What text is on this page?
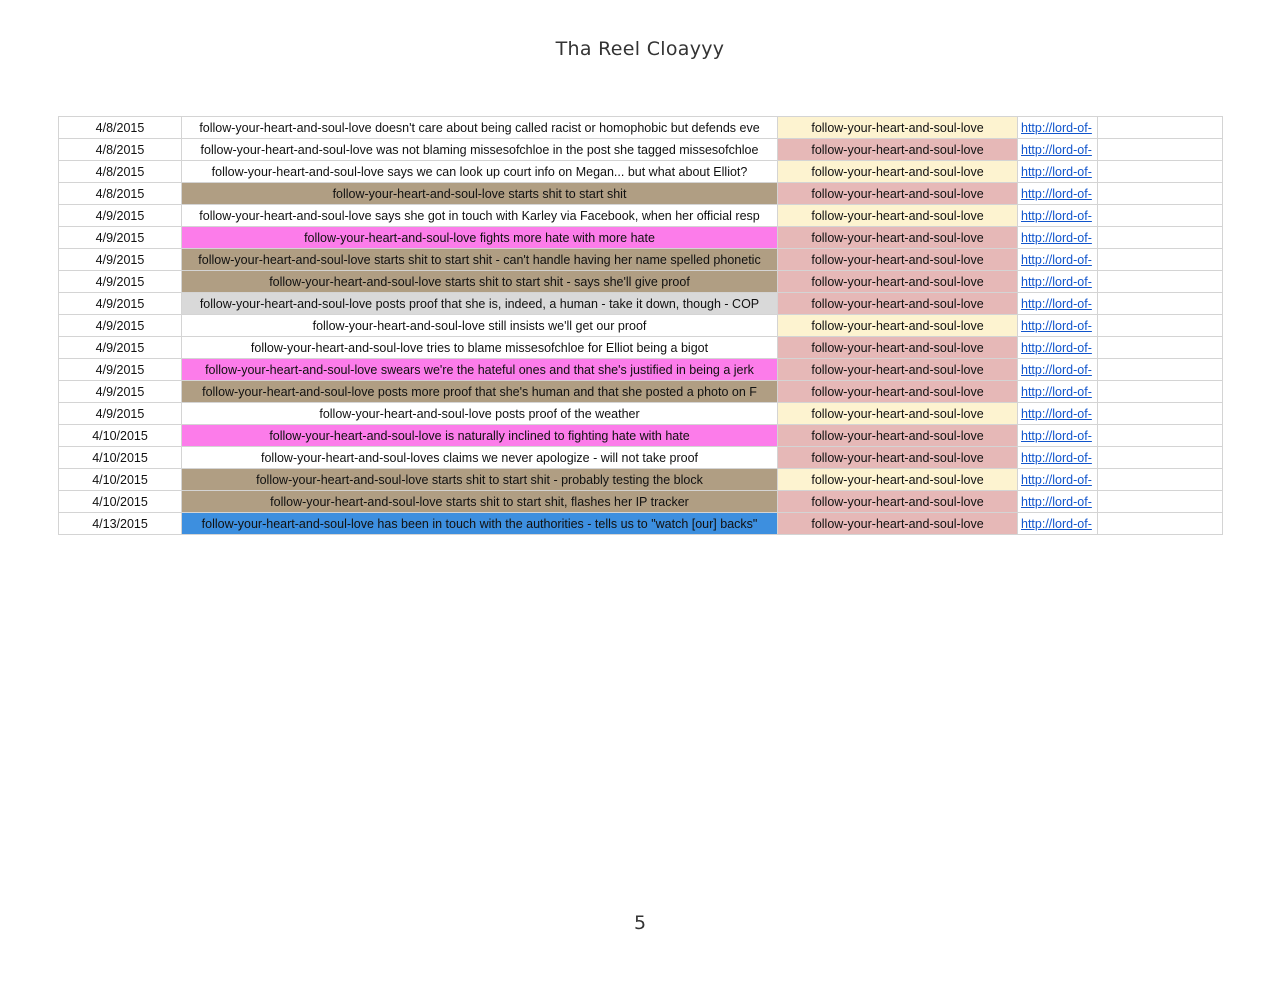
Tha Reel Cloayyy
4/8/2015	follow-your-heart-and-soul-love doesn't care about being called racist or homophobic but defends eve	follow-your-heart-and-soul-love	http://lord-of-	
4/8/2015	follow-your-heart-and-soul-love was not blaming missesofchloe in the post she tagged missesofchloe	follow-your-heart-and-soul-love	http://lord-of-	
4/8/2015	follow-your-heart-and-soul-love says we can look up court info on Megan... but what about Elliot?	follow-your-heart-and-soul-love	http://lord-of-	
4/8/2015	follow-your-heart-and-soul-love starts shit to start shit	follow-your-heart-and-soul-love	http://lord-of-	
4/9/2015	follow-your-heart-and-soul-love says she got in touch with Karley via Facebook, when her official resp	follow-your-heart-and-soul-love	http://lord-of-	
4/9/2015	follow-your-heart-and-soul-love fights more hate with more hate	follow-your-heart-and-soul-love	http://lord-of-	
4/9/2015	follow-your-heart-and-soul-love starts shit to start shit - can't handle having her name spelled phonetic	follow-your-heart-and-soul-love	http://lord-of-	
4/9/2015	follow-your-heart-and-soul-love starts shit to start shit - says she'll give proof	follow-your-heart-and-soul-love	http://lord-of-	
4/9/2015	follow-your-heart-and-soul-love posts proof that she is, indeed, a human - take it down, though - COP	follow-your-heart-and-soul-love	http://lord-of-	
4/9/2015	follow-your-heart-and-soul-love still insists we'll get our proof	follow-your-heart-and-soul-love	http://lord-of-	
4/9/2015	follow-your-heart-and-soul-love tries to blame missesofchloe for Elliot being a bigot	follow-your-heart-and-soul-love	http://lord-of-	
4/9/2015	follow-your-heart-and-soul-love swears we're the hateful ones and that she's justified in being a jerk	follow-your-heart-and-soul-love	http://lord-of-	
4/9/2015	follow-your-heart-and-soul-love posts more proof that she's human and that she posted a photo on F	follow-your-heart-and-soul-love	http://lord-of-	
4/9/2015	follow-your-heart-and-soul-love posts proof of the weather	follow-your-heart-and-soul-love	http://lord-of-	
4/10/2015	follow-your-heart-and-soul-love is naturally inclined to fighting hate with hate	follow-your-heart-and-soul-love	http://lord-of-	
4/10/2015	follow-your-heart-and-soul-loves claims we never apologize - will not take proof	follow-your-heart-and-soul-love	http://lord-of-	
4/10/2015	follow-your-heart-and-soul-love starts shit to start shit - probably testing the block	follow-your-heart-and-soul-love	http://lord-of-	
4/10/2015	follow-your-heart-and-soul-love starts shit to start shit, flashes her IP tracker	follow-your-heart-and-soul-love	http://lord-of-	
4/13/2015	follow-your-heart-and-soul-love has been in touch with the authorities - tells us to "watch [our] backs"	follow-your-heart-and-soul-love	http://lord-of-	
5
